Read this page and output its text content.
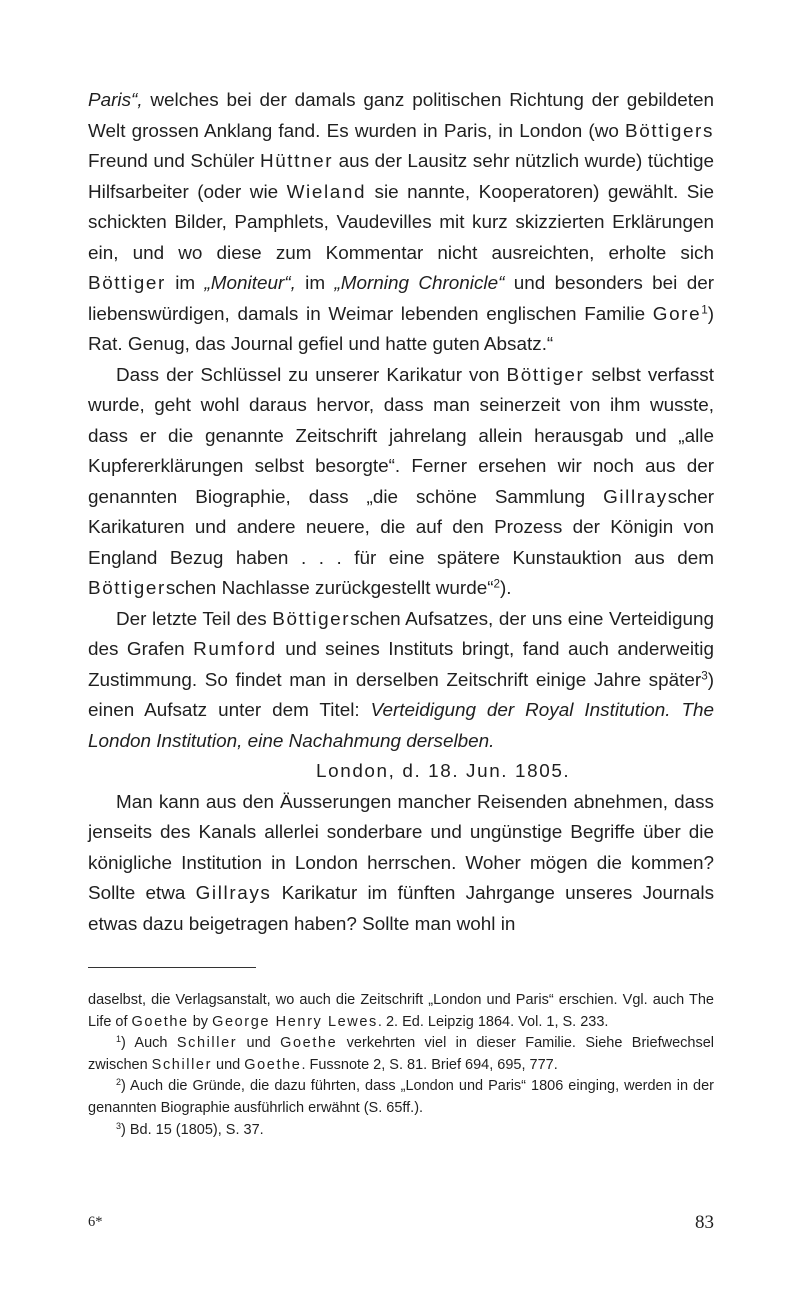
Paris“, welches bei der damals ganz politischen Richtung der gebildeten Welt grossen Anklang fand. Es wurden in Paris, in London (wo Böttigers Freund und Schüler Hüttner aus der Lausitz sehr nützlich wurde) tüchtige Hilfsarbeiter (oder wie Wieland sie nannte, Kooperatoren) gewählt. Sie schickten Bilder, Pamphlets, Vaudevilles mit kurz skizzierten Erklärungen ein, und wo diese zum Kommentar nicht ausreichten, erholte sich Böttiger im „Moniteur“, im „Morning Chronicle“ und besonders bei der liebenswürdigen, damals in Weimar lebenden englischen Familie Gore$^1$) Rat. Genug, das Journal gefiel und hatte guten Absatz.“

Dass der Schlüssel zu unserer Karikatur von Böttiger selbst verfasst wurde, geht wohl daraus hervor, dass man seinerzeit von ihm wusste, dass er die genannte Zeitschrift jahrelang allein herausgab und „alle Kupfererklärungen selbst besorgte“. Ferner ersehen wir noch aus der genannten Biographie, dass „die schöne Sammlung Gillrayscher Karikaturen und andere neuere, die auf den Prozess der Königin von England Bezug haben . . . für eine spätere Kunstauktion aus dem Böttigerschen Nachlasse zurückgestellt wurde“$^2$).

Der letzte Teil des Böttigerschen Aufsatzes, der uns eine Verteidigung des Grafen Rumford und seines Instituts bringt, fand auch anderweitig Zustimmung. So findet man in derselben Zeitschrift einige Jahre später$^3$) einen Aufsatz unter dem Titel: Verteidigung der Royal Institution. The London Institution, eine Nachahmung derselben.

London, d. 18. Jun. 1805.

Man kann aus den Äusserungen mancher Reisenden abnehmen, dass jenseits des Kanals allerlei sonderbare und ungünstige Begriffe über die königliche Institution in London herrschen. Woher mögen die kommen? Sollte etwa Gillrays Karikatur im fünften Jahrgange unseres Journals etwas dazu beigetragen haben? Sollte man wohl in

daselbst, die Verlagsanstalt, wo auch die Zeitschrift „London und Paris“ erschien. Vgl. auch The Life of Goethe by George Henry Lewes. 2. Ed. Leipzig 1864. Vol. 1, S. 233.

$^1$) Auch Schiller und Goethe verkehrten viel in dieser Familie. Siehe Briefwechsel zwischen Schiller und Goethe. Fussnote 2, S. 81. Brief 694, 695, 777.

$^2$) Auch die Gründe, die dazu führten, dass „London und Paris“ 1806 einging, werden in der genannten Biographie ausführlich erwähnt (S. 65ff.).

$^3$) Bd. 15 (1805), S. 37.

6*	83
